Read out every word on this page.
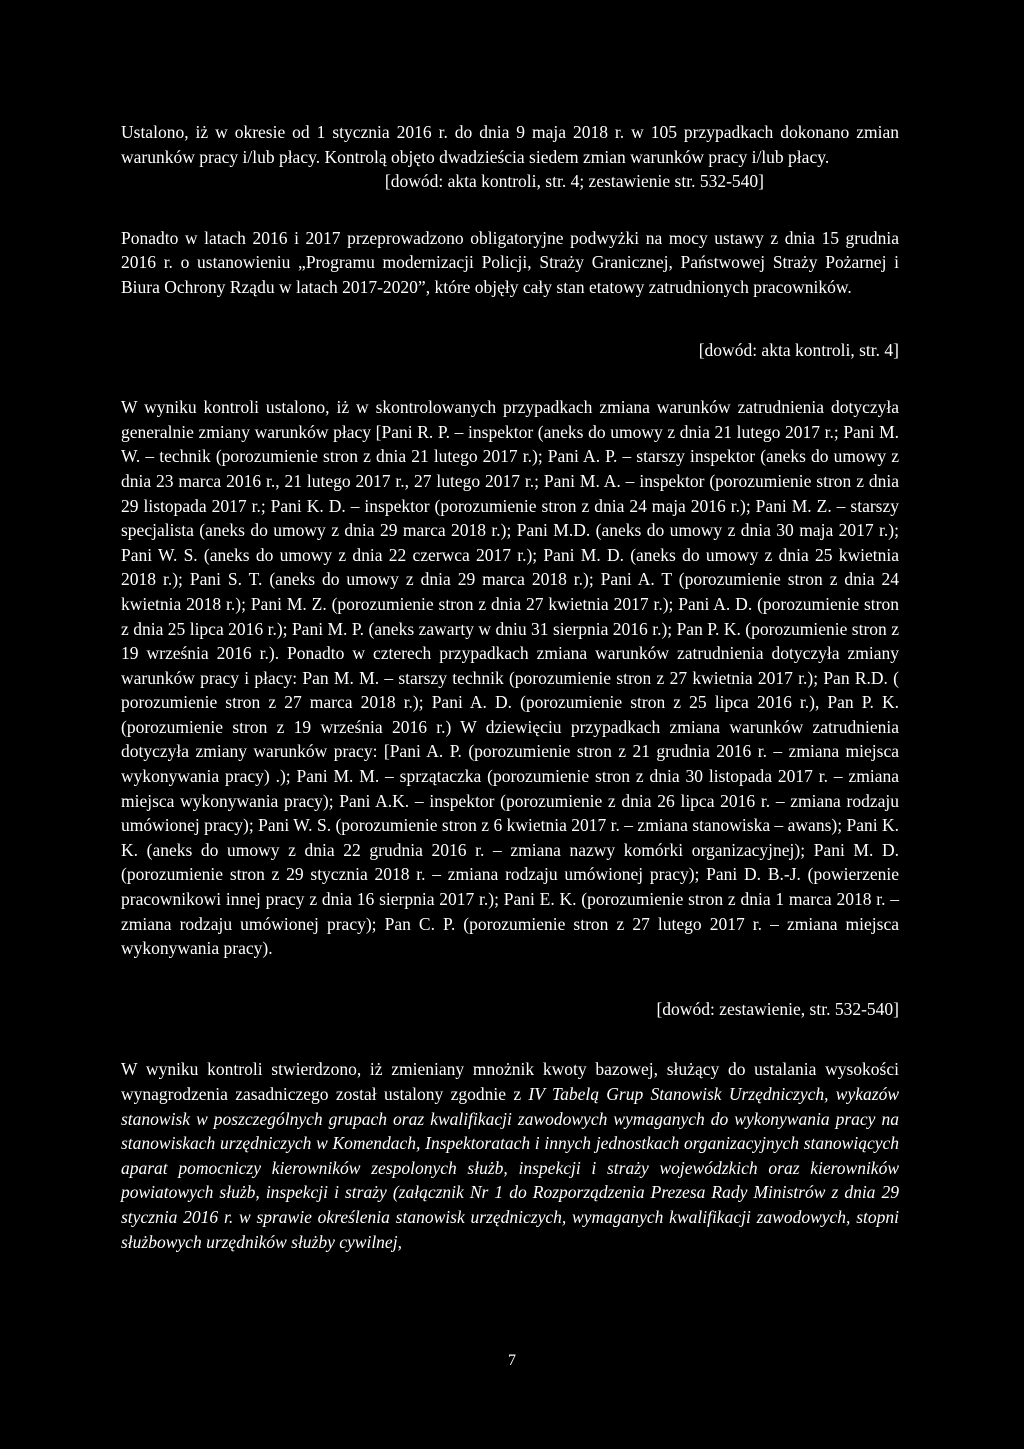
Ustalono, iż w okresie od 1 stycznia 2016 r. do dnia 9 maja 2018 r. w 105 przypadkach dokonano zmian warunków pracy i/lub płacy. Kontrolą objęto dwadzieścia siedem zmian warunków pracy i/lub płacy.

[dowód: akta kontroli, str. 4; zestawienie str. 532-540]

Ponadto w latach 2016 i 2017 przeprowadzono obligatoryjne podwyżki na mocy ustawy z dnia 15 grudnia 2016 r. o ustanowieniu „Programu modernizacji Policji, Straży Granicznej, Państwowej Straży Pożarnej i Biura Ochrony Rządu w latach 2017-2020”, które objęły cały stan etatowy zatrudnionych pracowników.

[dowód: akta kontroli, str. 4]

W wyniku kontroli ustalono, iż w skontrolowanych przypadkach zmiana warunków zatrudnienia dotyczyła generalnie zmiany warunków płacy [Pani R. P. – inspektor (aneks do umowy z dnia 21 lutego 2017 r.; Pani M. W. – technik (porozumienie stron z dnia 21 lutego 2017 r.); Pani A. P. – starszy inspektor (aneks do umowy z dnia 23 marca 2016 r., 21 lutego 2017 r., 27 lutego 2017 r.; Pani M. A. – inspektor (porozumienie stron z dnia 29 listopada 2017 r.; Pani K. D. – inspektor (porozumienie stron z dnia 24 maja 2016 r.); Pani M. Z. – starszy specjalista (aneks do umowy z dnia 29 marca 2018 r.); Pani M.D. (aneks do umowy z dnia 30 maja 2017 r.); Pani W. S. (aneks do umowy z dnia 22 czerwca 2017 r.); Pani M. D. (aneks do umowy z dnia 25 kwietnia 2018 r.); Pani S. T. (aneks do umowy z dnia 29 marca 2018 r.); Pani A. T (porozumienie stron z dnia 24 kwietnia 2018 r.); Pani M. Z. (porozumienie stron z dnia 27 kwietnia 2017 r.); Pani A. D. (porozumienie stron z dnia 25 lipca 2016 r.); Pani M. P. (aneks zawarty w dniu 31 sierpnia 2016 r.); Pan P. K. (porozumienie stron z 19 września 2016 r.). Ponadto w czterech przypadkach zmiana warunków zatrudnienia dotyczyła zmiany warunków pracy i płacy: Pan M. M. – starszy technik (porozumienie stron z 27 kwietnia 2017 r.); Pan R.D. ( porozumienie stron z 27 marca 2018 r.); Pani A. D. (porozumienie stron z 25 lipca 2016 r.), Pan P. K. (porozumienie stron z 19 września 2016 r.) W dziewięciu przypadkach zmiana warunków zatrudnienia dotyczyła zmiany warunków pracy: [Pani A. P. (porozumienie stron z 21 grudnia 2016 r. – zmiana miejsca wykonywania pracy) .); Pani M. M. – sprzątaczka (porozumienie stron z dnia 30 listopada 2017 r. – zmiana miejsca wykonywania pracy); Pani A.K. – inspektor (porozumienie z dnia 26 lipca 2016 r. – zmiana rodzaju umówionej pracy); Pani W. S. (porozumienie stron z 6 kwietnia 2017 r. – zmiana stanowiska – awans); Pani K. K. (aneks do umowy z dnia 22 grudnia 2016 r. – zmiana nazwy komórki organizacyjnej); Pani M. D. (porozumienie stron z 29 stycznia 2018 r. – zmiana rodzaju umówionej pracy); Pani D. B.-J. (powierzenie pracownikowi innej pracy z dnia 16 sierpnia 2017 r.); Pani E. K. (porozumienie stron z dnia 1 marca 2018 r. – zmiana rodzaju umówionej pracy); Pan C. P. (porozumienie stron z 27 lutego 2017 r. – zmiana miejsca wykonywania pracy).

[dowód: zestawienie, str. 532-540]

W wyniku kontroli stwierdzono, iż zmieniany mnożnik kwoty bazowej, służący do ustalania wysokości wynagrodzenia zasadniczego został ustalony zgodnie z IV Tabelą Grup Stanowisk Urzędniczych, wykazów stanowisk w poszczególnych grupach oraz kwalifikacji zawodowych wymaganych do wykonywania pracy na stanowiskach urzędniczych w Komendach, Inspektoratach i innych jednostkach organizacyjnych stanowiących aparat pomocniczy kierowników zespolonych służb, inspekcji i straży wojewódzkich oraz kierowników powiatowych służb, inspekcji i straży (załącznik Nr 1 do Rozporządzenia Prezesa Rady Ministrów z dnia 29 stycznia 2016 r. w sprawie określenia stanowisk urzędniczych, wymaganych kwalifikacji zawodowych, stopni służbowych urzędników służby cywilnej,

7
